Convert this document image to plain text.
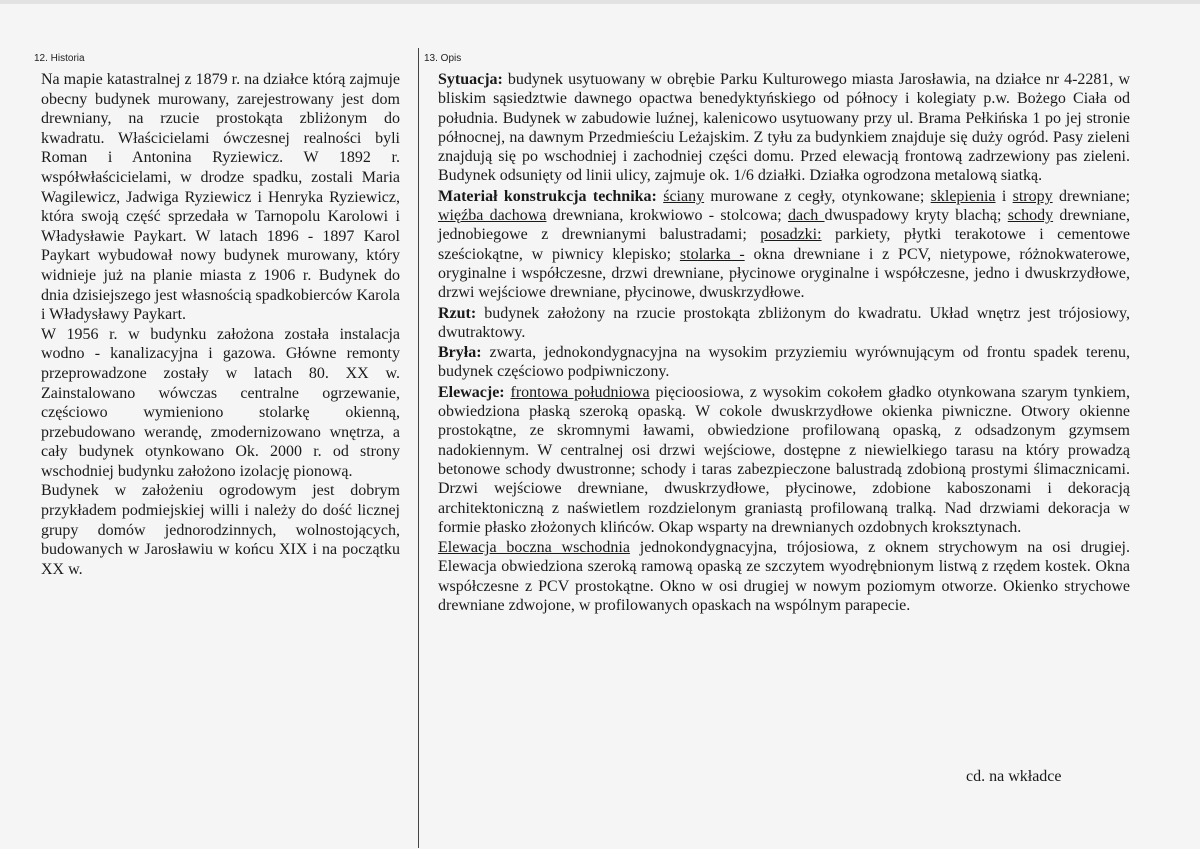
12. Historia	13. Opis

Na mapie katastralnej z 1879 r. na działce którą zajmuje obecny budynek murowany, zarejestrowany jest dom drewniany, na rzucie prostokąta zbliżonym do kwadratu. Właścicielami ówczesnej realności byli Roman i Antonina Ryziewicz. W 1892 r. współwłaścicielami, w drodze spadku, zostali Maria Wagilewicz, Jadwiga Ryziewicz i Henryka Ryziewicz, która swoją część sprzedała w Tarnopolu Karolowi i Władysławie Paykart. W latach 1896 - 1897 Karol Paykart wybudował nowy budynek murowany, który widnieje już na planie miasta z 1906 r. Budynek do dnia dzisiejszego jest własnością spadkobierców Karola i Władysławy Paykart.

W 1956 r. w budynku założona została instalacja wodno - kanalizacyjna i gazowa. Główne remonty przeprowadzone zostały w latach 80. XX w. Zainstalowano wówczas centralne ogrzewanie, częściowo wymieniono stolarkę okienną, przebudowano werandę, zmodernizowano wnętrza, a cały budynek otynkowano Ok. 2000 r. od strony wschodniej budynku założono izolację pionową.

Budynek w założeniu ogrodowym jest dobrym przykładem podmiejskiej willi i należy do dość licznej grupy domów jednorodzinnych, wolnostojących, budowanych w Jarosławiu w końcu XIX i na początku XX w.

Sytuacja: budynek usytuowany w obrębie Parku Kulturowego miasta Jarosławia, na działce nr 4-2281, w bliskim sąsiedztwie dawnego opactwa benedyktyńskiego od północy i kolegiaty p.w. Bożego Ciała od południa. Budynek w zabudowie luźnej, kalenicowo usytuowany przy ul. Brama Pełkińska 1 po jej stronie północnej, na dawnym Przedmieściu Leżajskim. Z tyłu za budynkiem znajduje się duży ogród. Pasy zieleni znajdują się po wschodniej i zachodniej części domu. Przed elewacją frontową zadrzewiony pas zieleni. Budynek odsunięty od linii ulicy, zajmuje ok. 1/6 działki. Działka ogrodzona metalową siatką.

Materiał konstrukcja technika: ściany murowane z cegły, otynkowane; sklepienia i stropy drewniane; więźba dachowa drewniana, krokwiowo - stolcowa; dach dwuspadowy kryty blachą; schody drewniane, jednobiegowe z drewnianymi balustradami; posadzki: parkiety, płytki terakotowe i cementowe sześciokątne, w piwnicy klepisko; stolarka - okna drewniane i z PCV, nietypowe, różnokwaterowe, oryginalne i współczesne, drzwi drewniane, płycinowe oryginalne i współczesne, jedno i dwuskrzydłowe, drzwi wejściowe drewniane, płycinowe, dwuskrzydłowe.

Rzut: budynek założony na rzucie prostokąta zbliżonym do kwadratu. Układ wnętrz jest trójosiowy, dwutraktowy.

Bryła: zwarta, jednokondygnacyjna na wysokim przyziemiu wyrównującym od frontu spadek terenu, budynek częściowo podpiwniczony.

Elewacje: frontowa południowa pięcioosiowa, z wysokim cokołem gładko otynkowana szarym tynkiem, obwiedziona płaską szeroką opaską. W cokole dwuskrzydłowe okienka piwniczne. Otwory okienne prostokątne, ze skromnymi ławami, obwiedzione profilowaną opaską, z odsadzonym gzymsem nadokiennym. W centralnej osi drzwi wejściowe, dostępne z niewielkiego tarasu na który prowadzą betonowe schody dwustronne; schody i taras zabezpieczone balustradą zdobioną prostymi ślimacznicami. Drzwi wejściowe drewniane, dwuskrzydłowe, płycinowe, zdobione kaboszonami i dekoracją architektoniczną z naświetlem rozdzielonym graniastą profilowaną tralką. Nad drzwiami dekoracja w formie płasko złożonych klińców. Okap wsparty na drewnianych ozdobnych kroksztynach.

Elewacja boczna wschodnia jednokondygnacyjna, trójosiowa, z oknem strychowym na osi drugiej. Elewacja obwiedziona szeroką ramową opaską ze szczytem wyodrębnionym listwą z rzędem kostek. Okna współczesne z PCV prostokątne. Okno w osi drugiej w nowym poziomym otworze. Okienko strychowe drewniane zdwojone, w profilowanych opaskach na wspólnym parapecie.

cd. na wkładce
